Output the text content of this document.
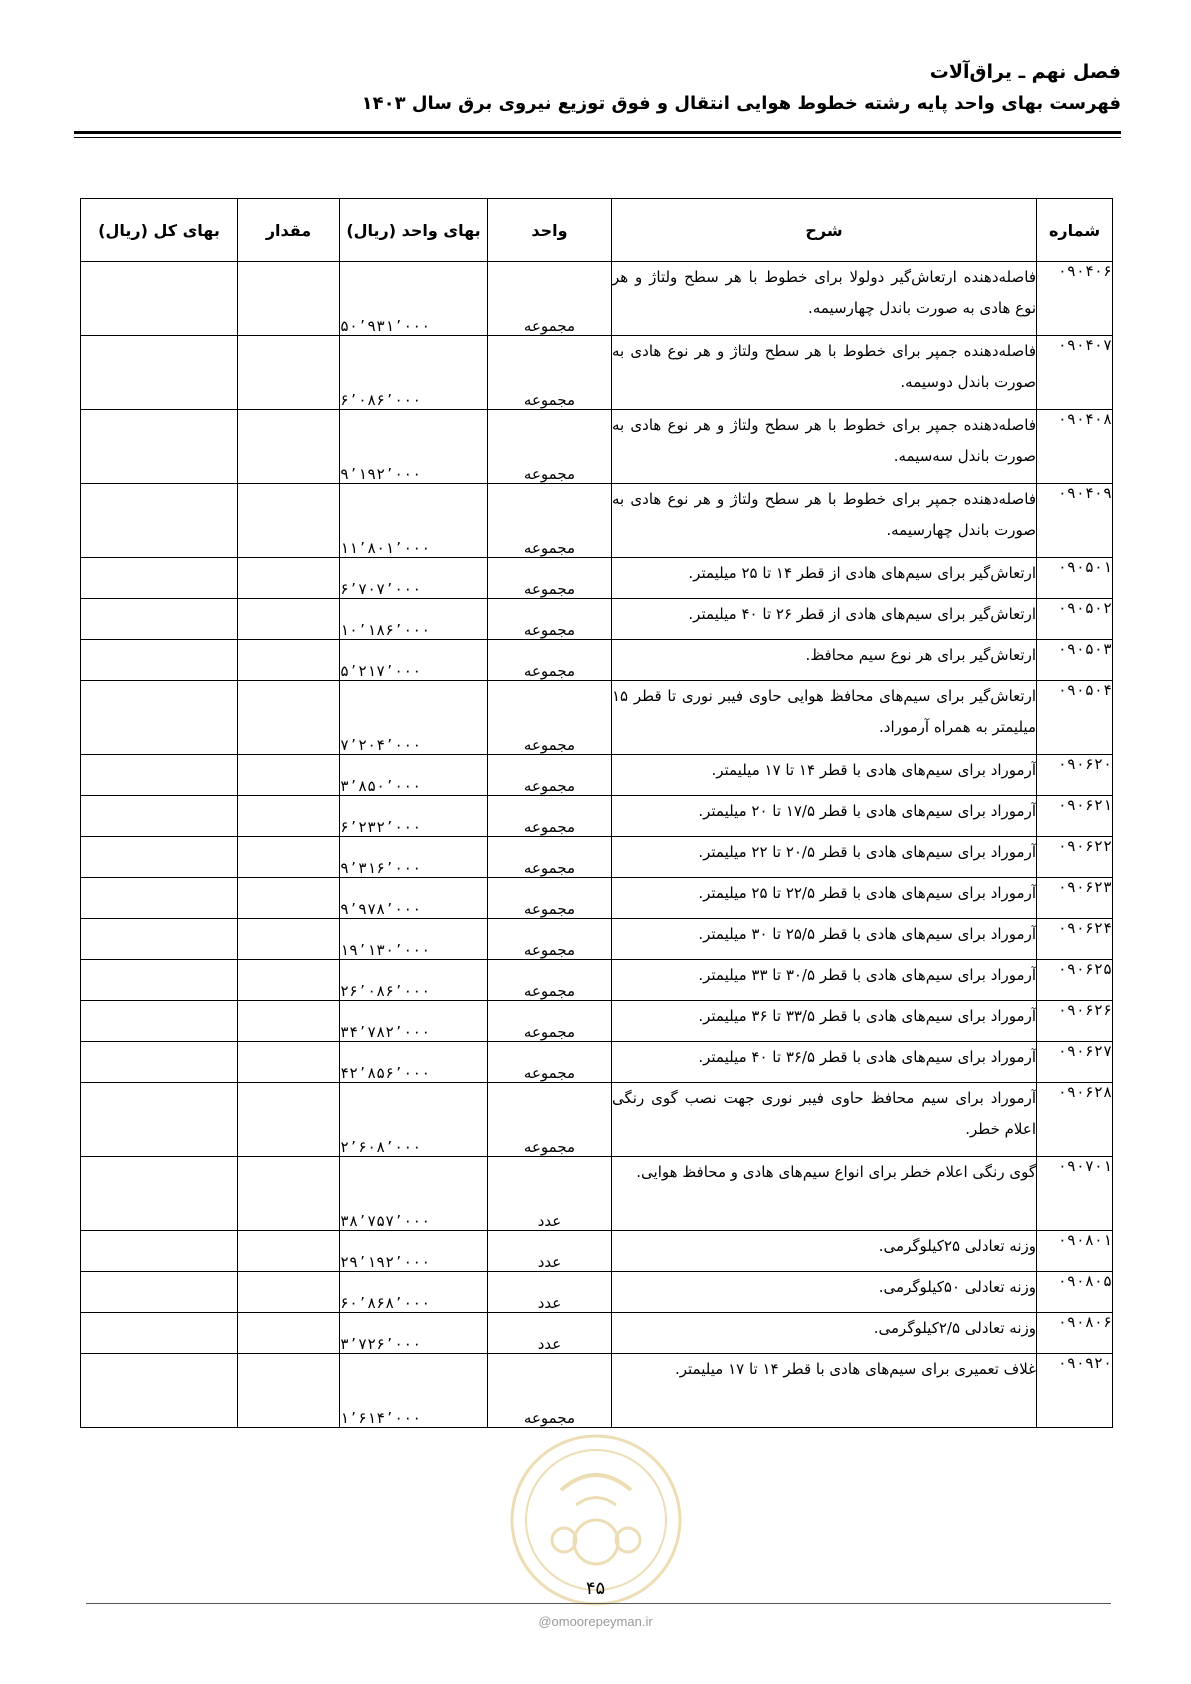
فصل نهم ـ یراق‌آلات
فهرست بهای واحد پایه رشته خطوط هوایی انتقال و فوق توزیع نیروی برق سال ۱۴۰۳
شماره	شرح	واحد	بهای واحد (ریال)	مقدار	بهای کل (ریال)
۰۹۰۴۰۶	فاصله‌دهنده ارتعاش‌گیر دولولا برای خطوط با هر سطح ولتاژ و هر نوع هادی به صورت باندل چهارسیمه.	مجموعه	۵۰٬۹۳۱٬۰۰۰		
۰۹۰۴۰۷	فاصله‌دهنده جمپر برای خطوط با هر سطح ولتاژ و هر نوع هادی به صورت باندل دوسیمه.	مجموعه	۶٬۰۸۶٬۰۰۰		
۰۹۰۴۰۸	فاصله‌دهنده جمپر برای خطوط با هر سطح ولتاژ و هر نوع هادی به صورت باندل سه‌سیمه.	مجموعه	۹٬۱۹۲٬۰۰۰		
۰۹۰۴۰۹	فاصله‌دهنده جمپر برای خطوط با هر سطح ولتاژ و هر نوع هادی به صورت باندل چهارسیمه.	مجموعه	۱۱٬۸۰۱٬۰۰۰		
۰۹۰۵۰۱	ارتعاش‌گیر برای سیم‌های هادی از قطر ۱۴ تا ۲۵ میلیمتر.	مجموعه	۶٬۷۰۷٬۰۰۰		
۰۹۰۵۰۲	ارتعاش‌گیر برای سیم‌های هادی از قطر ۲۶ تا ۴۰ میلیمتر.	مجموعه	۱۰٬۱۸۶٬۰۰۰		
۰۹۰۵۰۳	ارتعاش‌گیر برای هر نوع سیم محافظ.	مجموعه	۵٬۲۱۷٬۰۰۰		
۰۹۰۵۰۴	ارتعاش‌گیر برای سیم‌های محافظ هوایی حاوی فیبر نوری تا قطر ۱۵ میلیمتر به همراه آرموراد.	مجموعه	۷٬۲۰۴٬۰۰۰		
۰۹۰۶۲۰	آرموراد برای سیم‌های هادی با قطر ۱۴ تا ۱۷ میلیمتر.	مجموعه	۳٬۸۵۰٬۰۰۰		
۰۹۰۶۲۱	آرموراد برای سیم‌های هادی با قطر ۱۷/۵ تا ۲۰ میلیمتر.	مجموعه	۶٬۲۳۲٬۰۰۰		
۰۹۰۶۲۲	آرموراد برای سیم‌های هادی با قطر ۲۰/۵ تا ۲۲ میلیمتر.	مجموعه	۹٬۳۱۶٬۰۰۰		
۰۹۰۶۲۳	آرموراد برای سیم‌های هادی با قطر ۲۲/۵ تا ۲۵ میلیمتر.	مجموعه	۹٬۹۷۸٬۰۰۰		
۰۹۰۶۲۴	آرموراد برای سیم‌های هادی با قطر ۲۵/۵ تا ۳۰ میلیمتر.	مجموعه	۱۹٬۱۳۰٬۰۰۰		
۰۹۰۶۲۵	آرموراد برای سیم‌های هادی با قطر ۳۰/۵ تا ۳۳ میلیمتر.	مجموعه	۲۶٬۰۸۶٬۰۰۰		
۰۹۰۶۲۶	آرموراد برای سیم‌های هادی با قطر ۳۳/۵ تا ۳۶ میلیمتر.	مجموعه	۳۴٬۷۸۲٬۰۰۰		
۰۹۰۶۲۷	آرموراد برای سیم‌های هادی با قطر ۳۶/۵ تا ۴۰ میلیمتر.	مجموعه	۴۲٬۸۵۶٬۰۰۰		
۰۹۰۶۲۸	آرموراد برای سیم محافظ حاوی فیبر نوری جهت نصب گوی رنگی اعلام خطر.	مجموعه	۲٬۶۰۸٬۰۰۰		
۰۹۰۷۰۱	گوی رنگی اعلام خطر برای انواع سیم‌های هادی و محافظ هوایی.	عدد	۳۸٬۷۵۷٬۰۰۰		
۰۹۰۸۰۱	وزنه تعادلی ۲۵کیلوگرمی.	عدد	۲۹٬۱۹۲٬۰۰۰		
۰۹۰۸۰۵	وزنه تعادلی ۵۰کیلوگرمی.	عدد	۶۰٬۸۶۸٬۰۰۰		
۰۹۰۸۰۶	وزنه تعادلی ۲/۵کیلوگرمی.	عدد	۳٬۷۲۶٬۰۰۰		
۰۹۰۹۲۰	غلاف تعمیری برای سیم‌های هادی با قطر ۱۴ تا ۱۷ میلیمتر.	مجموعه	۱٬۶۱۴٬۰۰۰		
۴۵
@omoorepeyman.ir
